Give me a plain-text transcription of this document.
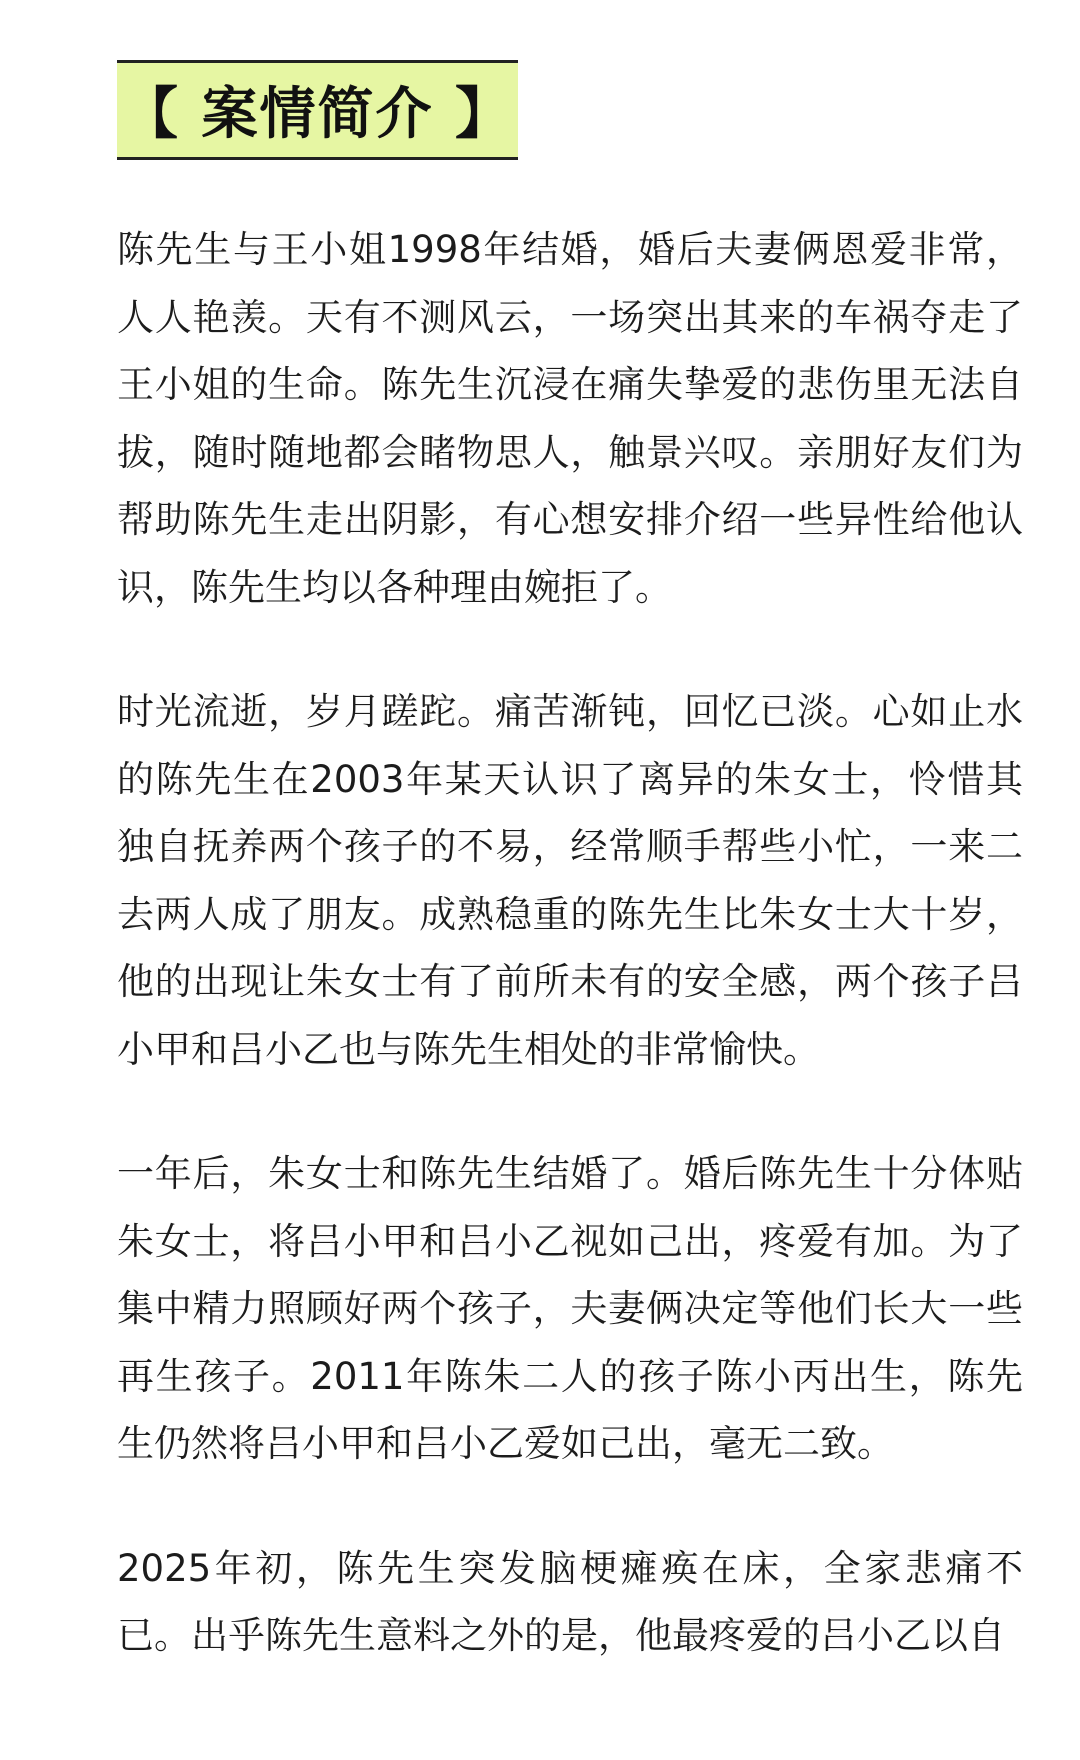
【 案情简介 】

陈先生与王小姐1998年结婚，婚后夫妻俩恩爱非常，人人艳羡。天有不测风云，一场突出其来的车祸夺走了王小姐的生命。陈先生沉浸在痛失挚爱的悲伤里无法自拔，随时随地都会睹物思人，触景兴叹。亲朋好友们为帮助陈先生走出阴影，有心想安排介绍一些异性给他认识，陈先生均以各种理由婉拒了。

时光流逝，岁月蹉跎。痛苦渐钝，回忆已淡。心如止水的陈先生在2003年某天认识了离异的朱女士，怜惜其独自抚养两个孩子的不易，经常顺手帮些小忙，一来二去两人成了朋友。成熟稳重的陈先生比朱女士大十岁，他的出现让朱女士有了前所未有的安全感，两个孩子吕小甲和吕小乙也与陈先生相处的非常愉快。

一年后，朱女士和陈先生结婚了。婚后陈先生十分体贴朱女士，将吕小甲和吕小乙视如己出，疼爱有加。为了集中精力照顾好两个孩子，夫妻俩决定等他们长大一些再生孩子。2011年陈朱二人的孩子陈小丙出生，陈先生仍然将吕小甲和吕小乙爱如己出，毫无二致。

2025年初，陈先生突发脑梗瘫痪在床，全家悲痛不已。出乎陈先生意料之外的是，他最疼爱的吕小乙以自
